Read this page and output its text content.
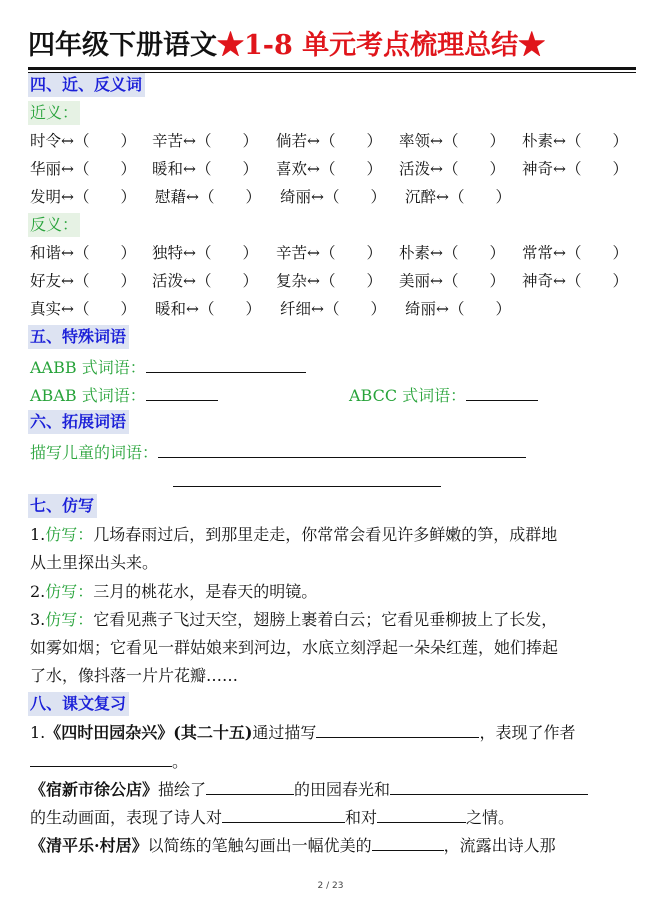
四年级下册语文★1-8 单元考点梳理总结★
四、近、反义词
近义：
时令↔（　　） 辛苦↔（　　） 倘若↔（　　） 率领↔（　　） 朴素↔（　　）
华丽↔（　　） 暖和↔（　　） 喜欢↔（　　） 活泼↔（　　） 神奇↔（　　）
发明↔（　　） 慰藉↔（　　） 绮丽↔（　　） 沉醉↔（　　）
反义：
和谐↔（　　） 独特↔（　　） 辛苦↔（　　） 朴素↔（　　） 常常↔（　　）
好友↔（　　） 活泼↔（　　） 复杂↔（　　） 美丽↔（　　） 神奇↔（　　）
真实↔（　　） 暖和↔（　　） 纤细↔（　　） 绮丽↔（　　）
五、特殊词语
AABB 式词语：
ABAB 式词语：	ABCC 式词语：
六、拓展词语
描写儿童的词语：
七、仿写
1.仿写：几场春雨过后，到那里走走，你常常会看见许多鲜嫩的笋，成群地
从土里探出头来。
2.仿写：三月的桃花水，是春天的明镜。
3.仿写：它看见燕子飞过天空，翅膀上裹着白云；它看见垂柳披上了长发，
如雾如烟；它看见一群姑娘来到河边，水底立刻浮起一朵朵红莲，她们捧起
了水，像抖落一片片花瓣……
八、课文复习
1.《四时田园杂兴》(其二十五)通过描写	，表现了作者
。
《宿新市徐公店》描绘了	的田园春光和
的生动画面，表现了诗人对	和对	之情。
《清平乐·村居》以简练的笔触勾画出一幅优美的	，流露出诗人那
2 / 23
